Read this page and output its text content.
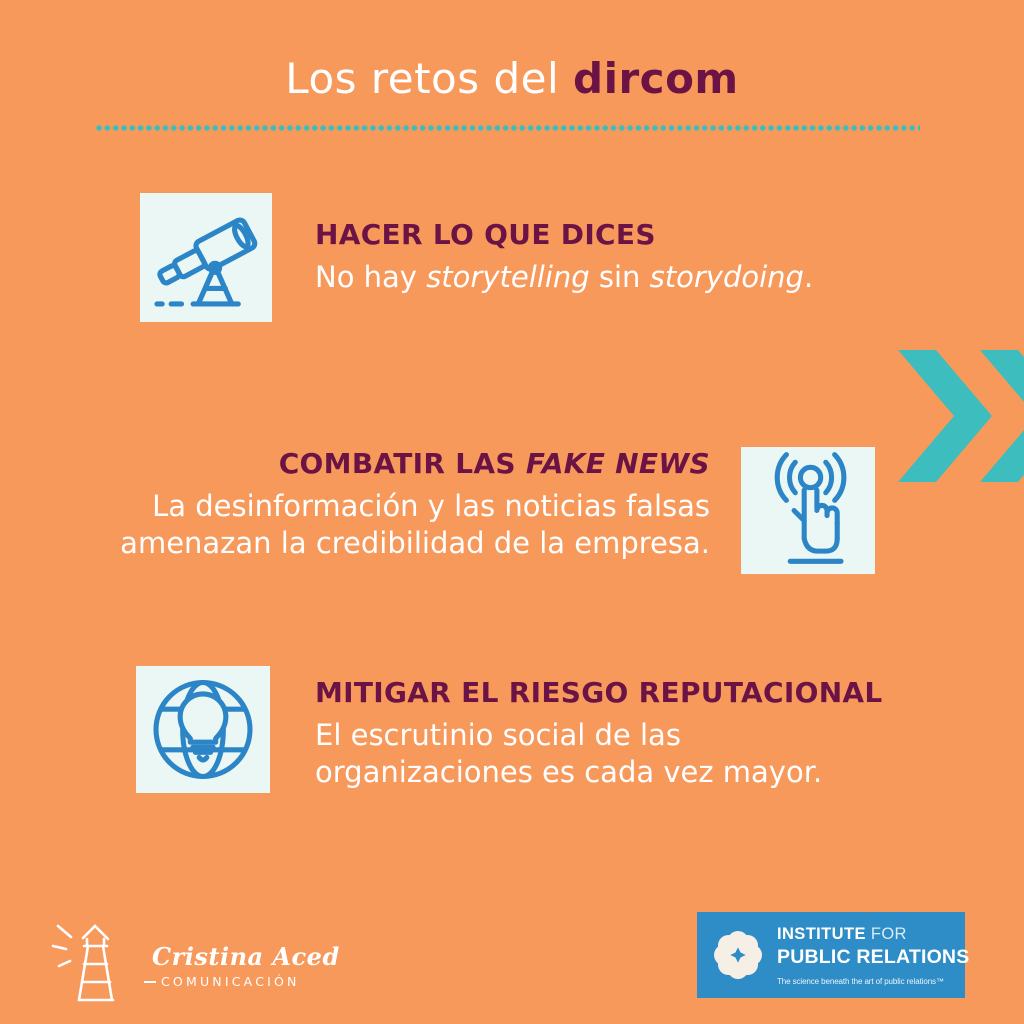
Los retos del dircom
HACER LO QUE DICES
No hay storytelling sin storydoing.
COMBATIR LAS FAKE NEWS
La desinformación y las noticias falsas
amenazan la credibilidad de la empresa.
MITIGAR EL RIESGO REPUTACIONAL
El escrutinio social de las
organizaciones es cada vez mayor.
Cristina Aced
COMUNICACIÓN
INSTITUTE FOR
PUBLIC RELATIONS
The science beneath the art of public relations™
